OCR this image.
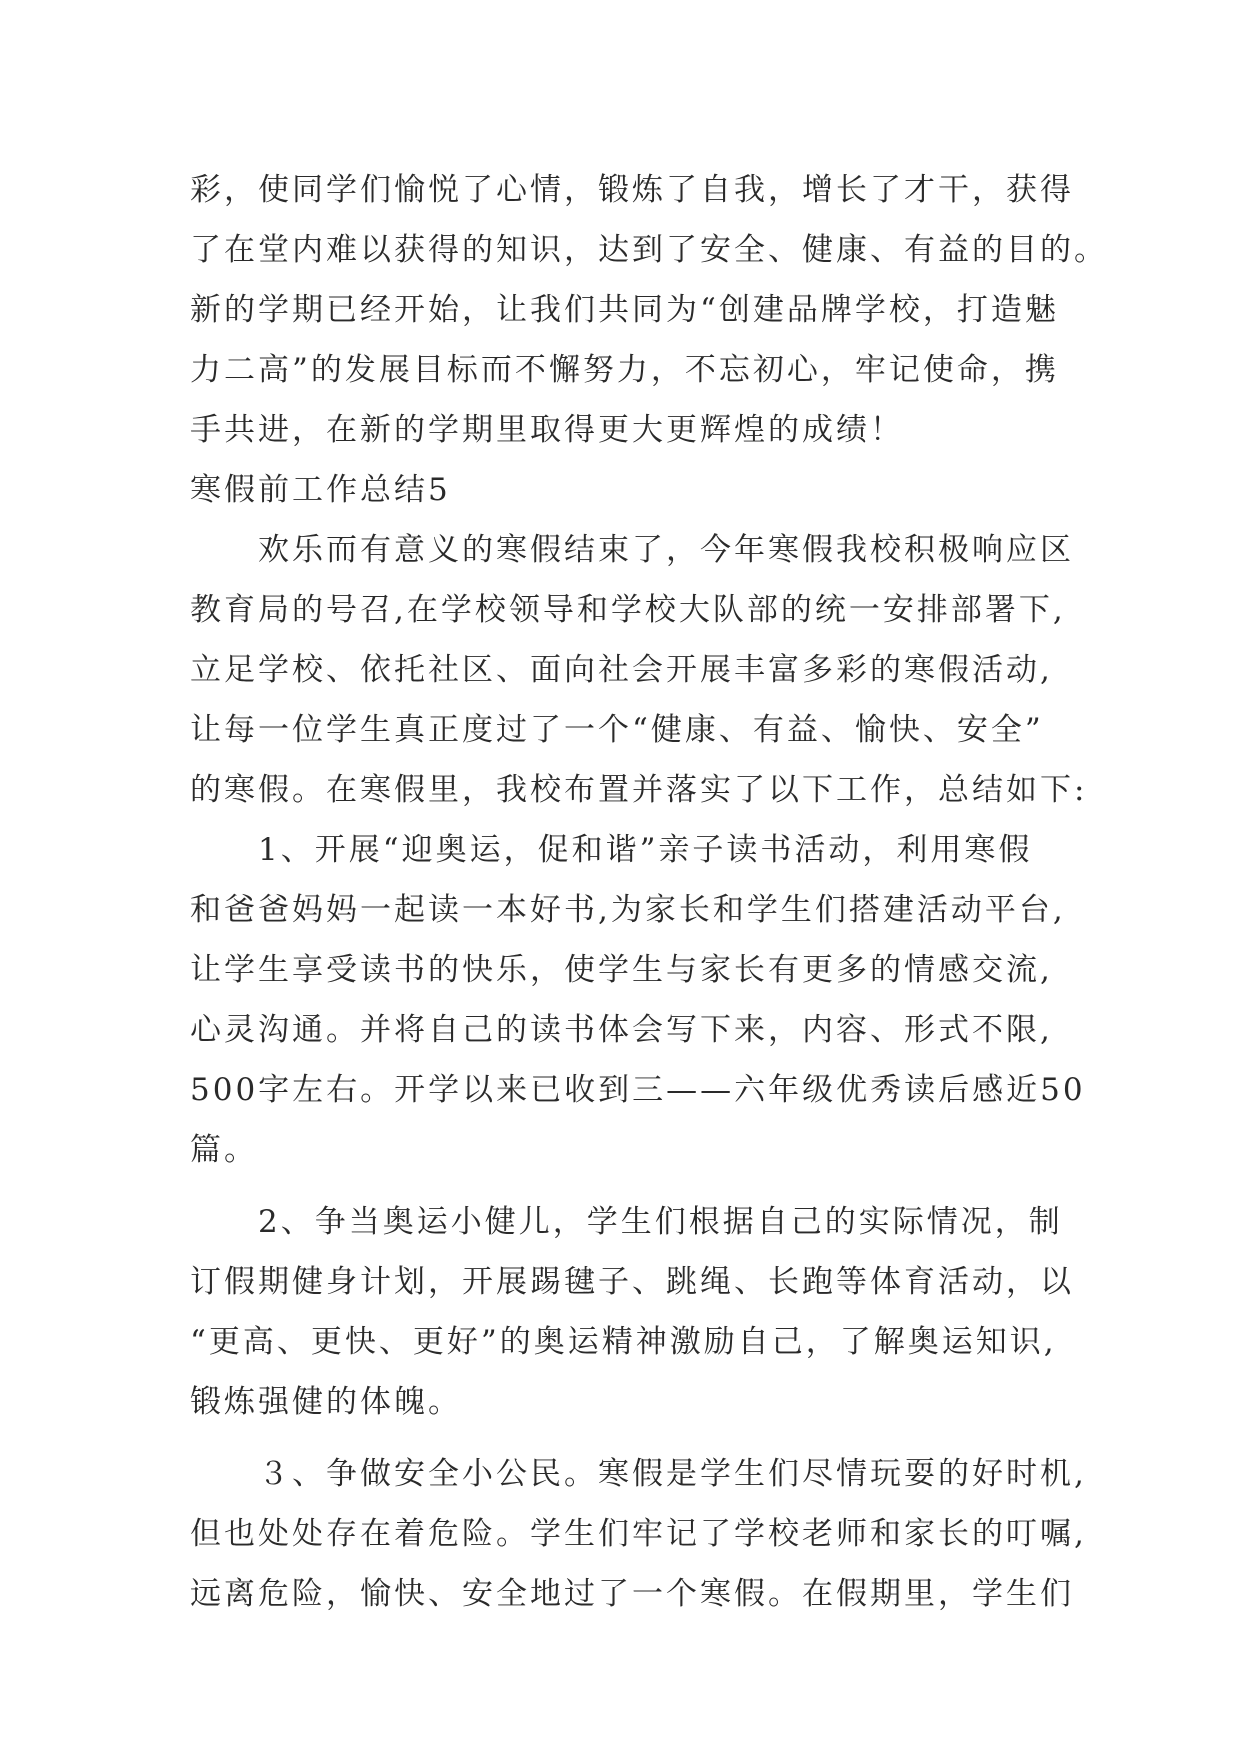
彩，使同学们愉悦了心情，锻炼了自我，增长了才干，获得
了在堂内难以获得的知识，达到了安全、健康、有益的目的。
新的学期已经开始，让我们共同为“创建品牌学校，打造魅
力二高”的发展目标而不懈努力，不忘初心，牢记使命，携
手共进，在新的学期里取得更大更辉煌的成绩！
寒假前工作总结5
　　欢乐而有意义的寒假结束了，今年寒假我校积极响应区
教育局的号召,在学校领导和学校大队部的统一安排部署下,
立足学校、依托社区、面向社会开展丰富多彩的寒假活动,
让每一位学生真正度过了一个“健康、有益、愉快、安全”
的寒假。在寒假里，我校布置并落实了以下工作，总结如下:
　　1、开展“迎奥运，促和谐”亲子读书活动，利用寒假
和爸爸妈妈一起读一本好书,为家长和学生们搭建活动平台,
让学生享受读书的快乐，使学生与家长有更多的情感交流,
心灵沟通。并将自己的读书体会写下来，内容、形式不限,
500字左右。开学以来已收到三——六年级优秀读后感近50
篇。
　　2、争当奥运小健儿，学生们根据自己的实际情况，制
订假期健身计划，开展踢毽子、跳绳、长跑等体育活动，以
“更高、更快、更好”的奥运精神激励自己，了解奥运知识,
锻炼强健的体魄。
　　３、争做安全小公民。寒假是学生们尽情玩耍的好时机,
但也处处存在着危险。学生们牢记了学校老师和家长的叮嘱,
远离危险，愉快、安全地过了一个寒假。在假期里，学生们
